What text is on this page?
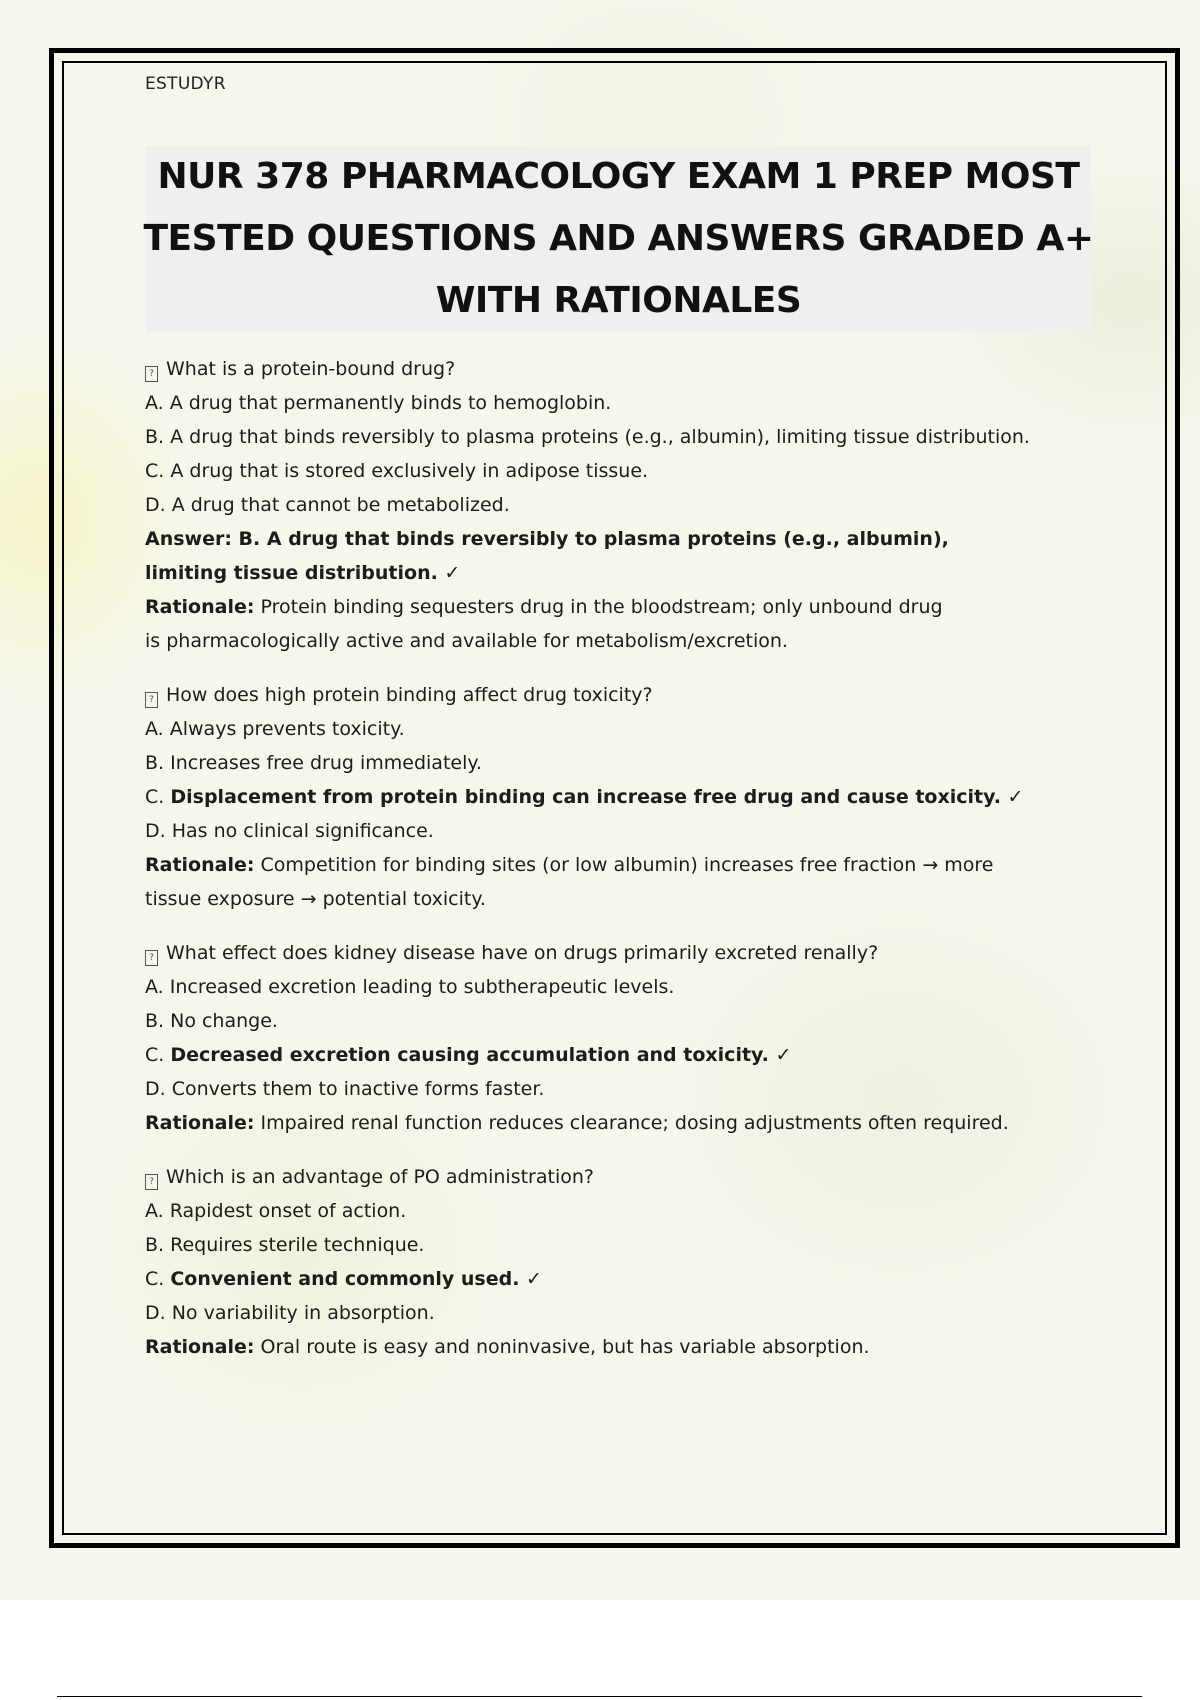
ESTUDYR
NUR 378 PHARMACOLOGY EXAM 1 PREP MOST
TESTED QUESTIONS AND ANSWERS GRADED A+
WITH RATIONALES
? What is a protein-bound drug?
A. A drug that permanently binds to hemoglobin.
B. A drug that binds reversibly to plasma proteins (e.g., albumin), limiting tissue distribution.
C. A drug that is stored exclusively in adipose tissue.
D. A drug that cannot be metabolized.
Answer: B. A drug that binds reversibly to plasma proteins (e.g., albumin), limiting tissue distribution. ✓
Rationale: Protein binding sequesters drug in the bloodstream; only unbound drug is pharmacologically active and available for metabolism/excretion.
? How does high protein binding affect drug toxicity?
A. Always prevents toxicity.
B. Increases free drug immediately.
C. Displacement from protein binding can increase free drug and cause toxicity. ✓
D. Has no clinical significance.
Rationale: Competition for binding sites (or low albumin) increases free fraction → more tissue exposure → potential toxicity.
? What effect does kidney disease have on drugs primarily excreted renally?
A. Increased excretion leading to subtherapeutic levels.
B. No change.
C. Decreased excretion causing accumulation and toxicity. ✓
D. Converts them to inactive forms faster.
Rationale: Impaired renal function reduces clearance; dosing adjustments often required.
? Which is an advantage of PO administration?
A. Rapidest onset of action.
B. Requires sterile technique.
C. Convenient and commonly used. ✓
D. No variability in absorption.
Rationale: Oral route is easy and noninvasive, but has variable absorption.
